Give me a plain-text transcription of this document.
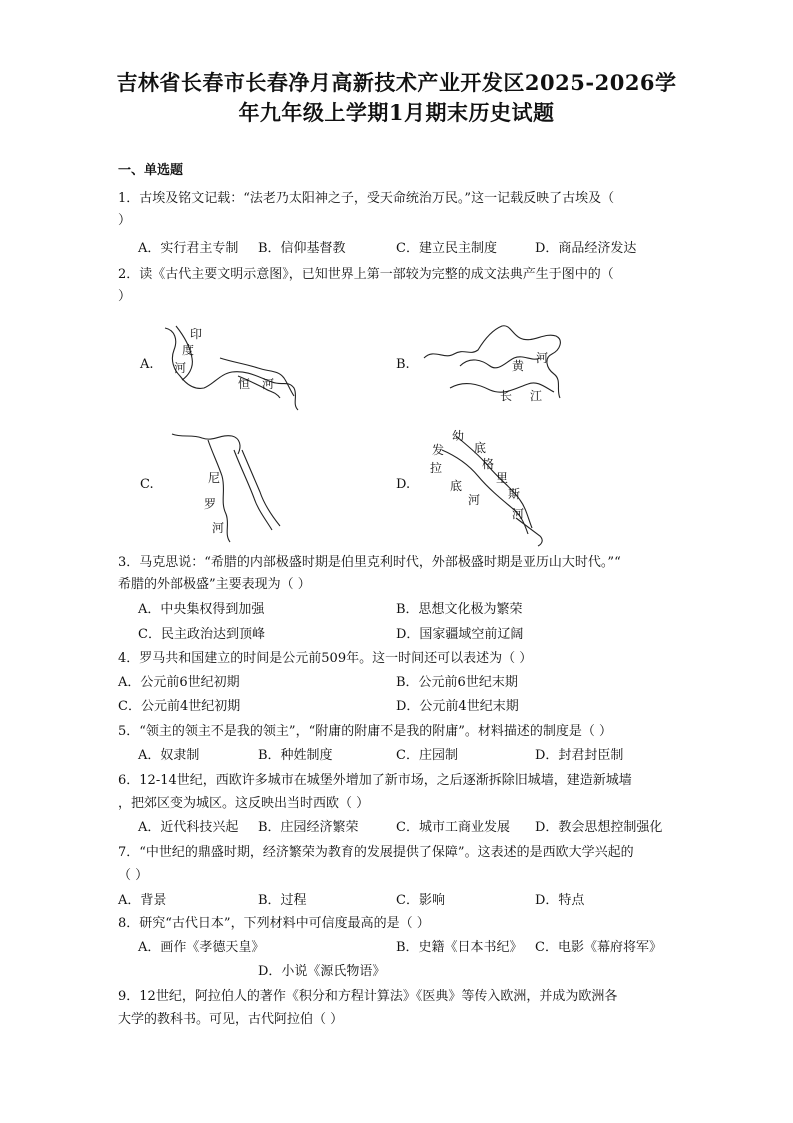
吉林省长春市长春净月高新技术产业开发区2025-2026学
年九年级上学期1月期末历史试题
一、单选题
1．古埃及铭文记载：“法老乃太阳神之子，受天命统治万民。”这一记载反映了古埃及（
）
A．实行君主专制 B．信仰基督教	C．建立民主制度	D．商品经济发达
2．读《古代主要文明示意图》，已知世界上第一部较为完整的成文法典产生于图中的（
）
A.	B.
C.	D.
印
度
河
恒 河
黄
河
长 江
尼
罗
河
幼
发
拉
底
格
里
斯
底
河
河
3．马克思说：“希腊的内部极盛时期是伯里克利时代，外部极盛时期是亚历山大时代。”“
希腊的外部极盛”主要表现为（ ）
A．中央集权得到加强	B．思想文化极为繁荣
C．民主政治达到顶峰	D．国家疆域空前辽阔
4．罗马共和国建立的时间是公元前509年。这一时间还可以表述为（ ）
A．公元前6世纪初期	B．公元前6世纪末期
C．公元前4世纪初期	D．公元前4世纪末期
5．“领主的领主不是我的领主”，“附庸的附庸不是我的附庸”。材料描述的制度是（ ）
A．奴隶制	B．种姓制度	C．庄园制	D．封君封臣制
6．12-14世纪，西欧许多城市在城堡外增加了新市场，之后逐渐拆除旧城墙，建造新城墙
，把郊区变为城区。这反映出当时西欧（ ）
A．近代科技兴起 B．庄园经济繁荣	C．城市工商业发展 D．教会思想控制强化
7．“中世纪的鼎盛时期，经济繁荣为教育的发展提供了保障”。这表述的是西欧大学兴起的
（ ）
A．背景	B．过程	C．影响	D．特点
8．研究“古代日本”，下列材料中可信度最高的是（ ）
A．画作《孝德天皇》	B．史籍《日本书纪》 C．电影《幕府将军》
D．小说《源氏物语》
9．12世纪，阿拉伯人的著作《积分和方程计算法》《医典》等传入欧洲，并成为欧洲各
大学的教科书。可见，古代阿拉伯（ ）
